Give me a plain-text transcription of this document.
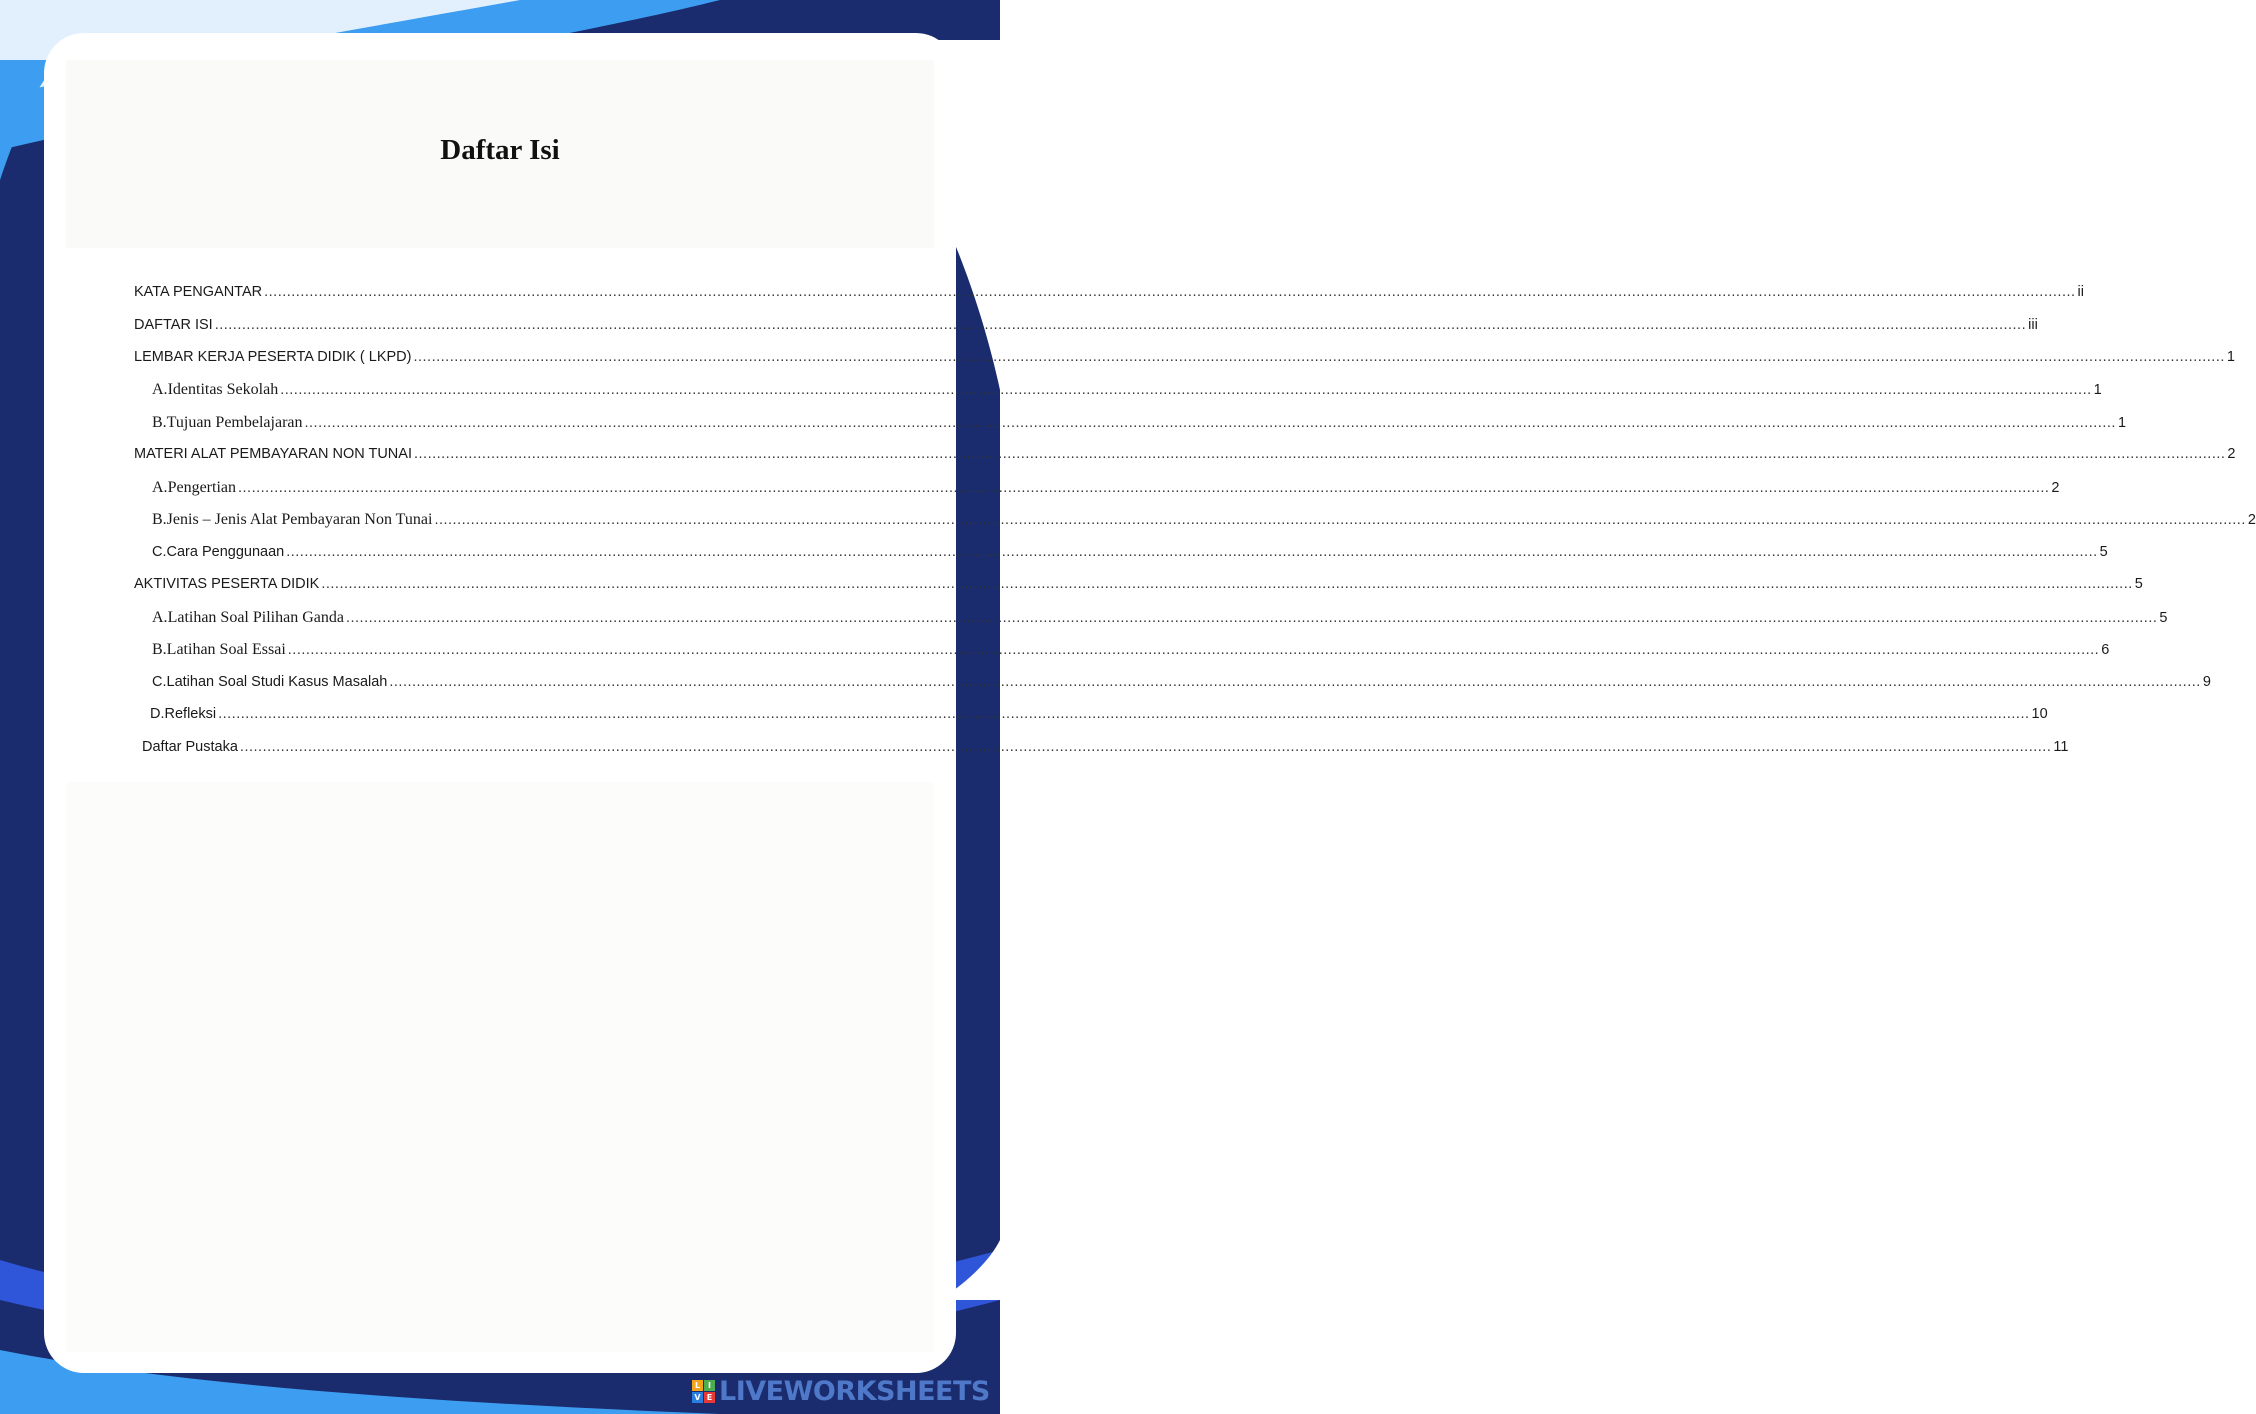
Daftar Isi
KATA PENGANTAR ................................................................................................................................................................................................................................................................................................................................................................................................................ ii
DAFTAR ISI ................................................................................................................................................................................................................................................................................................................................................................................................................ iii
LEMBAR KERJA PESERTA DIDIK ( LKPD) ................................................................................................................................................................................................................................................................................................................................................................................................................ 1
A. Identitas Sekolah ................................................................................................................................................................................................................................................................................................................................................................................................................ 1
B. Tujuan Pembelajaran ................................................................................................................................................................................................................................................................................................................................................................................................................ 1
MATERI ALAT PEMBAYARAN NON TUNAI ................................................................................................................................................................................................................................................................................................................................................................................................................ 2
A. Pengertian ................................................................................................................................................................................................................................................................................................................................................................................................................ 2
B. Jenis – Jenis Alat Pembayaran Non Tunai ................................................................................................................................................................................................................................................................................................................................................................................................................ 2
C. Cara Penggunaan ................................................................................................................................................................................................................................................................................................................................................................................................................ 5
AKTIVITAS PESERTA DIDIK ................................................................................................................................................................................................................................................................................................................................................................................................................ 5
A. Latihan Soal Pilihan Ganda ................................................................................................................................................................................................................................................................................................................................................................................................................ 5
B. Latihan Soal Essai ................................................................................................................................................................................................................................................................................................................................................................................................................ 6
C. Latihan Soal Studi Kasus Masalah ................................................................................................................................................................................................................................................................................................................................................................................................................ 9
D. Refleksi ................................................................................................................................................................................................................................................................................................................................................................................................................ 10
Daftar Pustaka ................................................................................................................................................................................................................................................................................................................................................................................................................ 11
L I
V E LIVEWORKSHEETS
